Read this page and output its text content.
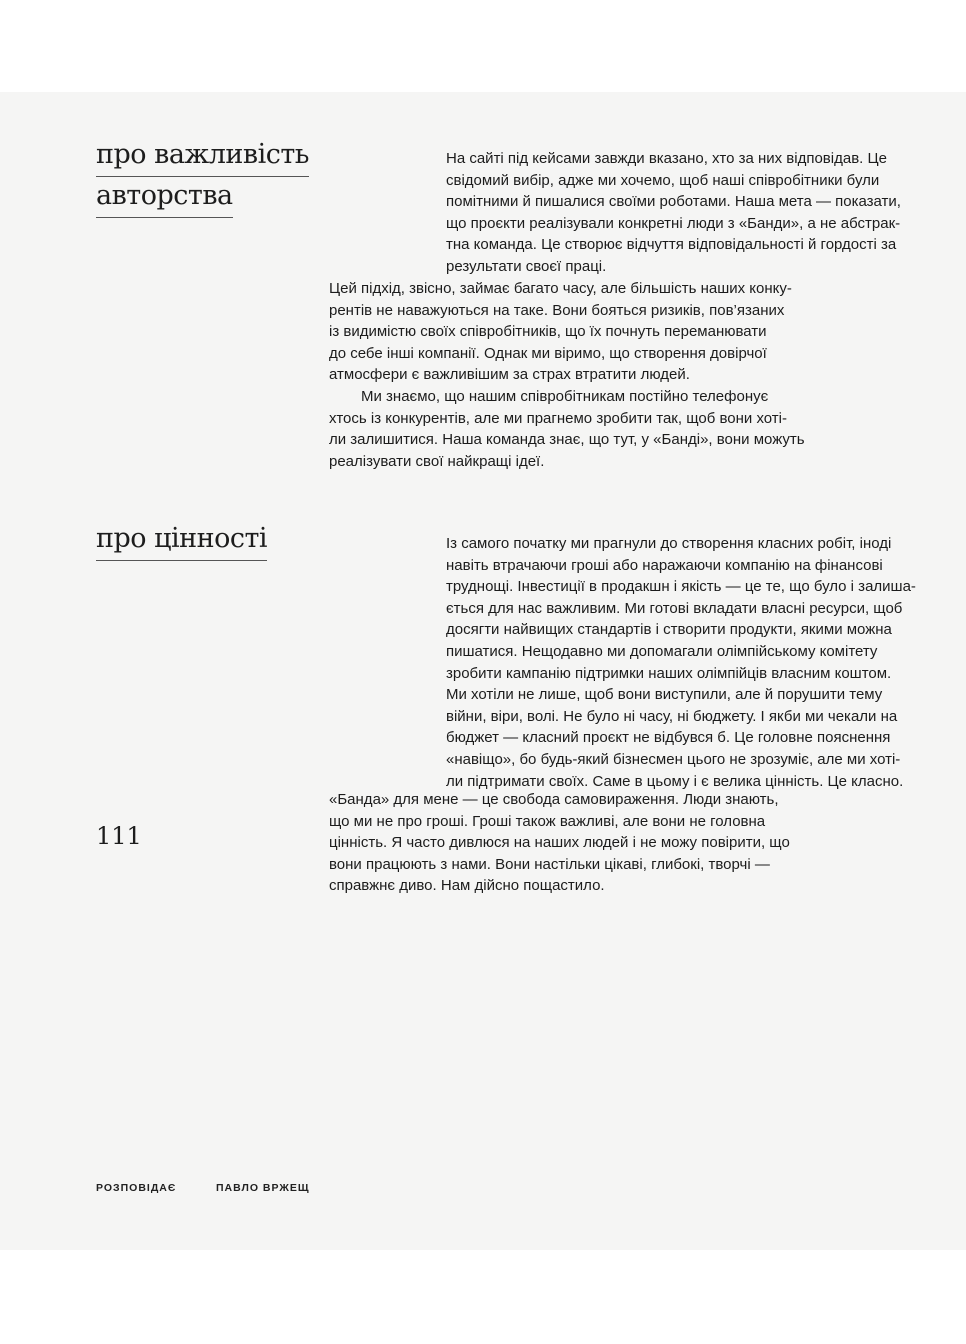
про важливість
авторства
На сайті під кейсами завжди вказано, хто за них відповідав. Це
свідомий вибір, адже ми хочемо, щоб наші співробітники були
помітними й пишалися своїми роботами. Наша мета — показати,
що проєкти реалізували конкретні люди з «Банди», а не абстрак-
тна команда. Це створює відчуття відповідальності й гордості за
результати своєї праці.
Цей підхід, звісно, займає багато часу, але більшість наших конку-
рентів не наважуються на таке. Вони бояться ризиків, пов’язаних
із видимістю своїх співробітників, що їх почнуть переманювати
до себе інші компанії. Однак ми віримо, що створення довірчої
атмосфери є важливішим за страх втратити людей.
Ми знаємо, що нашим співробітникам постійно телефонує
хтось із конкурентів, але ми прагнемо зробити так, щоб вони хоті-
ли залишитися. Наша команда знає, що тут, у «Банді», вони можуть
реалізувати свої найкращі ідеї.
про цінності	Із самого початку ми прагнули до створення класних робіт, іноді
навіть втрачаючи гроші або наражаючи компанію на фінансові
труднощі. Інвестиції в продакшн і якість — це те, що було і залиша-
ється для нас важливим. Ми готові вкладати власні ресурси, щоб
досягти найвищих стандартів і створити продукти, якими можна
пишатися. Нещодавно ми допомагали олімпійському комітету
зробити кампанію підтримки наших олімпійців власним коштом.
Ми хотіли не лише, щоб вони виступили, але й порушити тему
війни, віри, волі. Не було ні часу, ні бюджету. І якби ми чекали на
бюджет — класний проєкт не відбувся б. Це головне пояснення
«навіщо», бо будь-який бізнесмен цього не зрозуміє, але ми хоті-
ли підтримати своїх. Саме в цьому і є велика цінність. Це класно.
«Банда» для мене — це свобода самовираження. Люди знають,
що ми не про гроші. Гроші також важливі, але вони не головна
цінність. Я часто дивлюся на наших людей і не можу повірити, що
вони працюють з нами. Вони настільки цікаві, глибокі, творчі —
справжнє диво. Нам дійсно пощастило.
111
РОЗПОВІДАЄ	ПАВЛО ВРЖЕЩ
